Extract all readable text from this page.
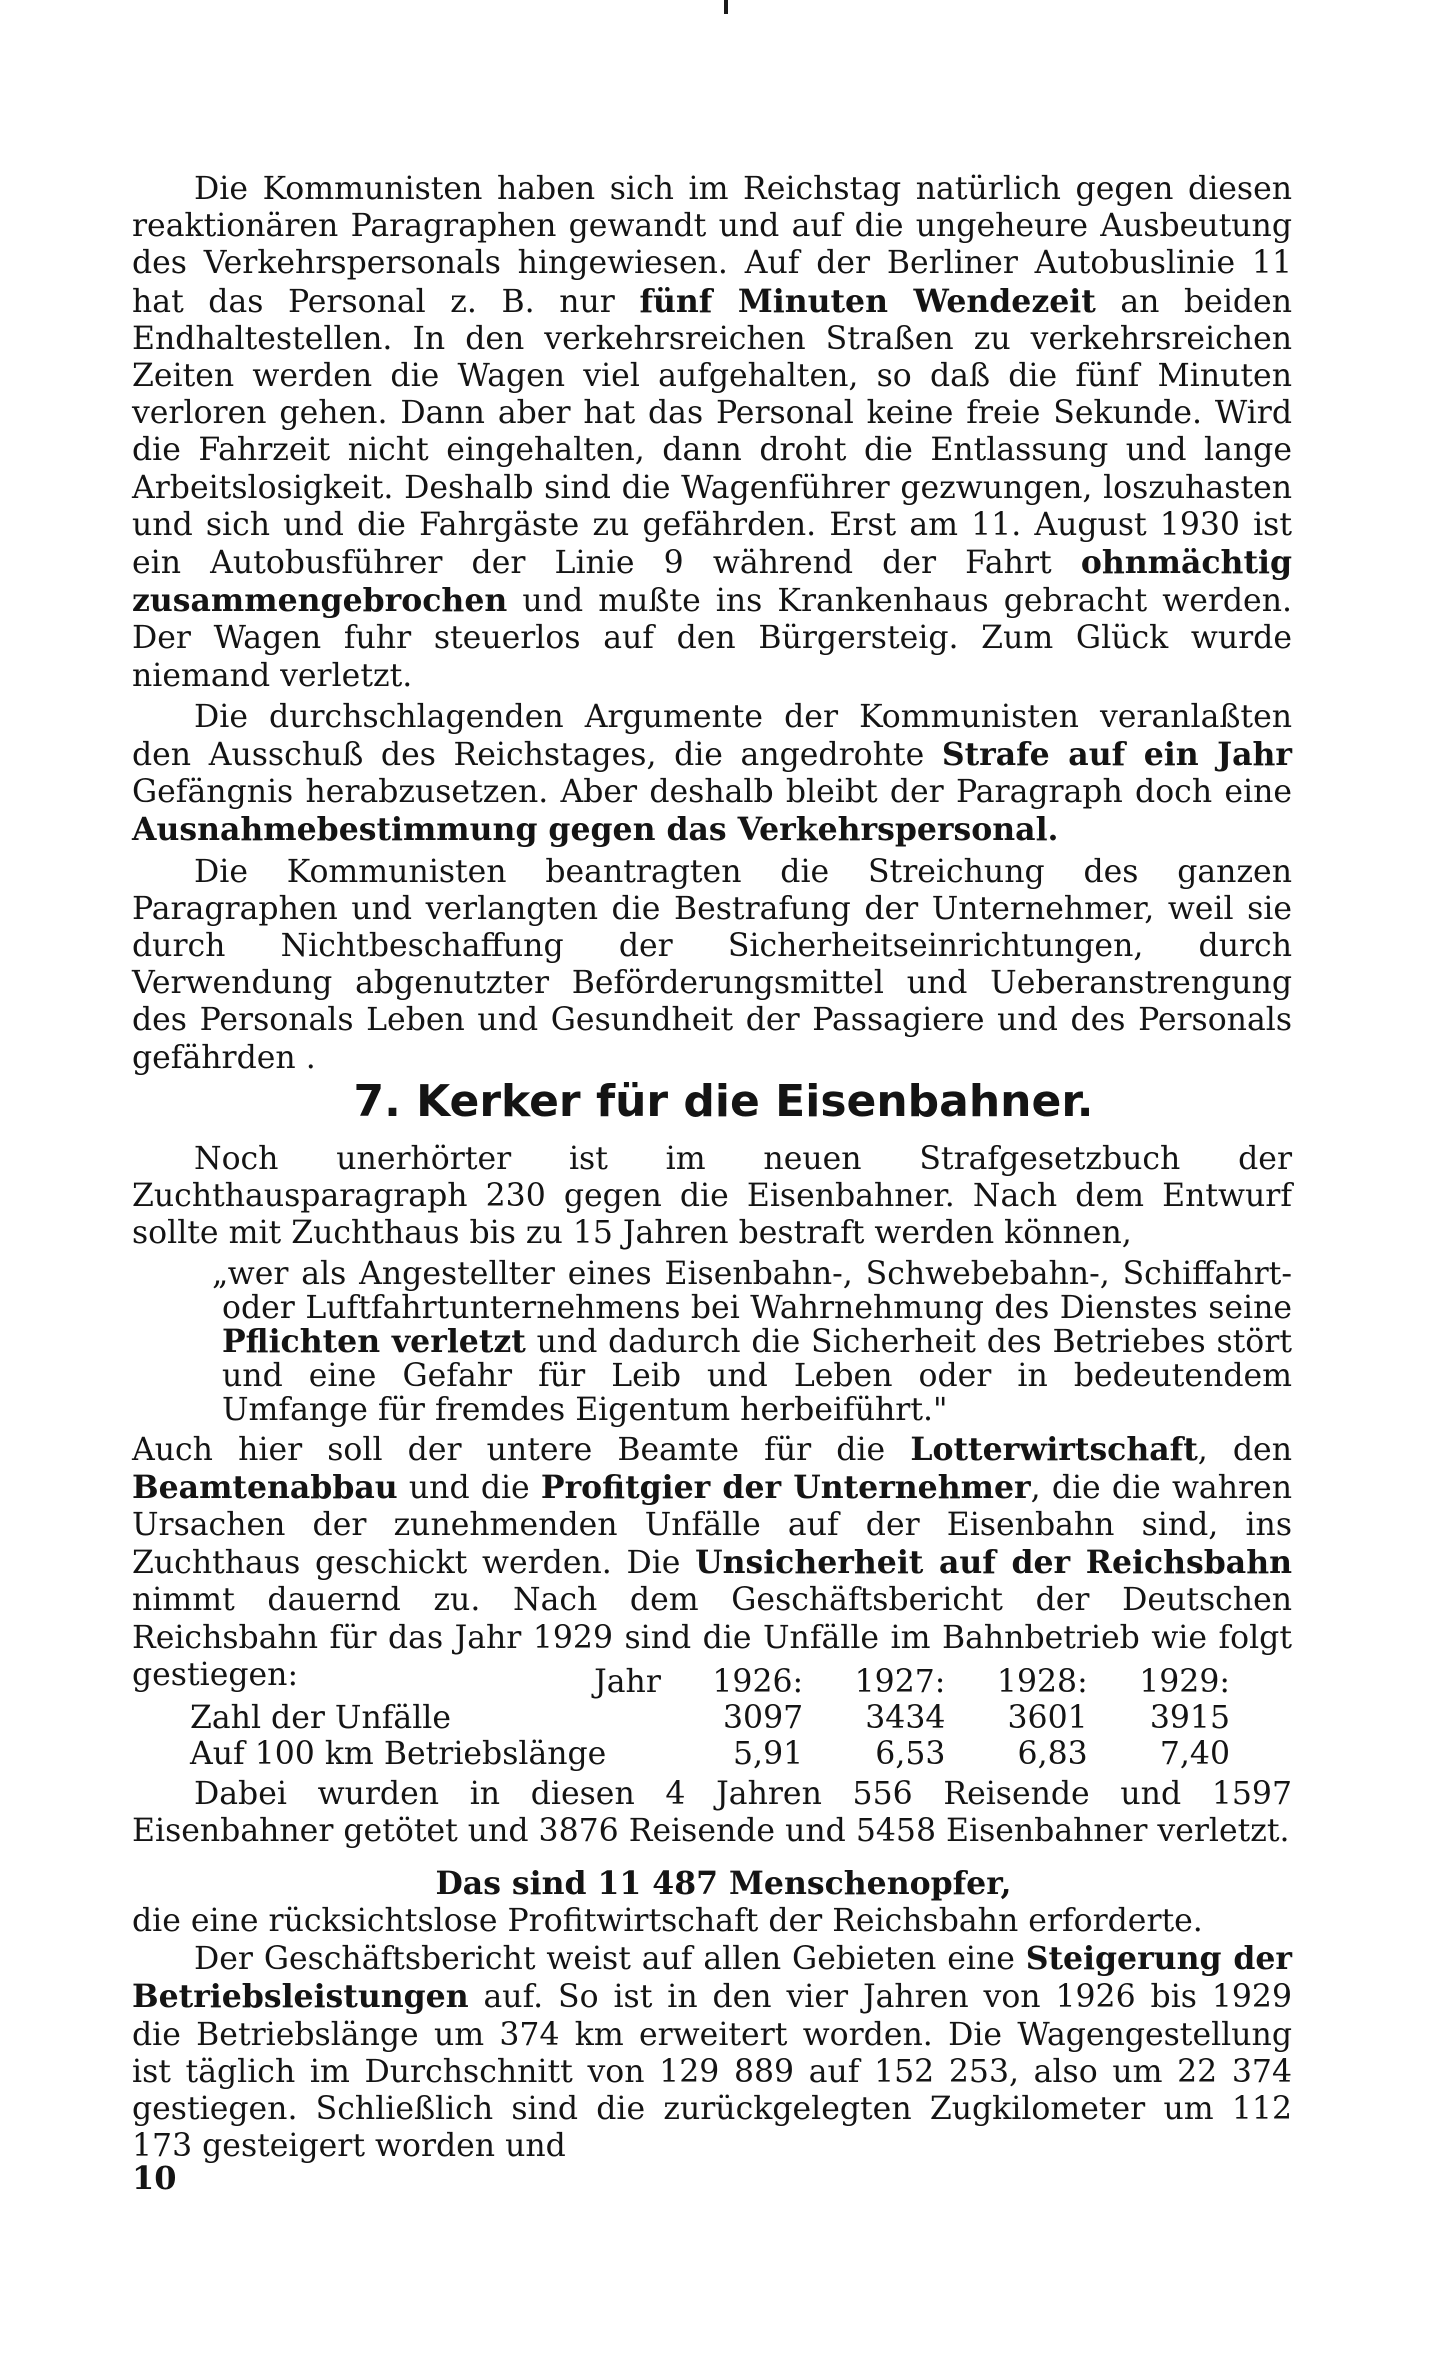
Die Kommunisten haben sich im Reichstag natürlich gegen diesen reaktionären Paragraphen gewandt und auf die ungeheure Ausbeutung des Verkehrspersonals hingewiesen. Auf der Berliner Autobuslinie 11 hat das Personal z. B. nur fünf Minuten Wendezeit an beiden Endhaltestellen. In den verkehrsreichen Straßen zu verkehrsreichen Zeiten werden die Wagen viel aufgehalten, so daß die fünf Minuten verloren gehen. Dann aber hat das Personal keine freie Sekunde. Wird die Fahrzeit nicht eingehalten, dann droht die Entlassung und lange Arbeitslosigkeit. Deshalb sind die Wagenführer gezwungen, loszuhasten und sich und die Fahrgäste zu gefährden. Erst am 11. August 1930 ist ein Autobusführer der Linie 9 während der Fahrt ohnmächtig zusammengebrochen und mußte ins Krankenhaus gebracht werden. Der Wagen fuhr steuerlos auf den Bürgersteig. Zum Glück wurde niemand verletzt.

Die durchschlagenden Argumente der Kommunisten veranlaßten den Ausschuß des Reichstages, die angedrohte Strafe auf ein Jahr Gefängnis herabzusetzen. Aber deshalb bleibt der Paragraph doch eine Ausnahmebestimmung gegen das Verkehrspersonal.

Die Kommunisten beantragten die Streichung des ganzen Paragraphen und verlangten die Bestrafung der Unternehmer, weil sie durch Nichtbeschaffung der Sicherheitseinrichtungen, durch Verwendung abgenutzter Beförderungsmittel und Ueberanstrengung des Personals Leben und Gesundheit der Passagiere und des Personals gefährden .

7. Kerker für die Eisenbahner.

Noch unerhörter ist im neuen Strafgesetzbuch der Zuchthausparagraph 230 gegen die Eisenbahner. Nach dem Entwurf sollte mit Zuchthaus bis zu 15 Jahren bestraft werden können,

„wer als Angestellter eines Eisenbahn-, Schwebebahn-, Schiffahrt- oder Luftfahrtunternehmens bei Wahrnehmung des Dienstes seine Pflichten verletzt und dadurch die Sicherheit des Betriebes stört und eine Gefahr für Leib und Leben oder in bedeutendem Umfange für fremdes Eigentum herbeiführt."

Auch hier soll der untere Beamte für die Lotterwirtschaft, den Beamtenabbau und die Profitgier der Unternehmer, die die wahren Ursachen der zunehmenden Unfälle auf der Eisenbahn sind, ins Zuchthaus geschickt werden. Die Unsicherheit auf der Reichsbahn nimmt dauernd zu. Nach dem Geschäftsbericht der Deutschen Reichsbahn für das Jahr 1929 sind die Unfälle im Bahnbetrieb wie folgt gestiegen:	Jahr	1926:	1927:	1928:	1929:
Zahl der Unfälle	3097	3434	3601	3915
Auf 100 km Betriebslänge	5,91	6,53	6,83	7,40

Dabei wurden in diesen 4 Jahren 556 Reisende und 1597 Eisenbahner getötet und 3876 Reisende und 5458 Eisenbahner verletzt.

Das sind 11 487 Menschenopfer,

die eine rücksichtslose Profitwirtschaft der Reichsbahn erforderte.

Der Geschäftsbericht weist auf allen Gebieten eine Steigerung der Betriebsleistungen auf. So ist in den vier Jahren von 1926 bis 1929 die Betriebslänge um 374 km erweitert worden. Die Wagengestellung ist täglich im Durchschnitt von 129 889 auf 152 253, also um 22 374 gestiegen. Schließlich sind die zurückgelegten Zugkilometer um 112 173 gesteigert worden und

10
